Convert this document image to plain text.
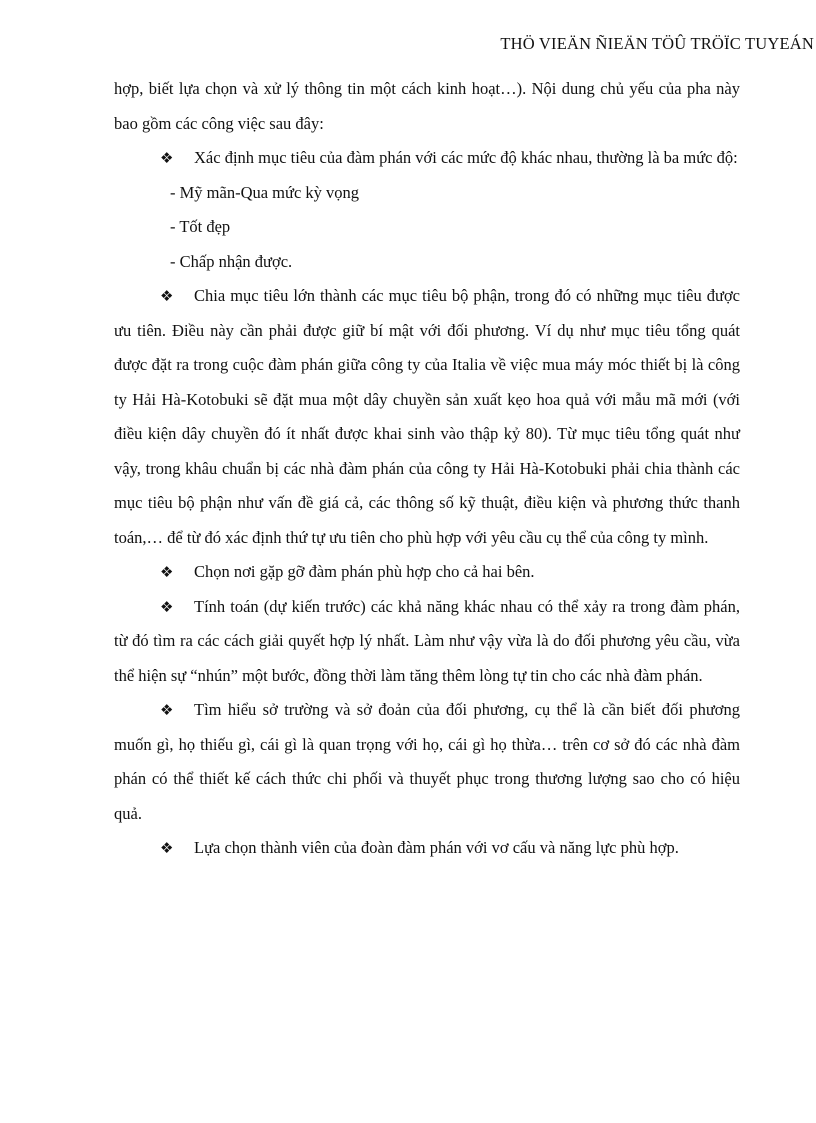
THÖ VIEÄN ÑIEÄN TÖÛ TRÖÏC TUYEÁN

hợp, biết lựa chọn và xử lý thông tin một cách kinh hoạt…). Nội dung chủ yếu của pha này bao gồm các công việc sau đây:

❖ Xác định mục tiêu của đàm phán với các mức độ khác nhau, thường là ba mức độ:

- Mỹ mãn-Qua mức kỳ vọng

- Tốt đẹp

- Chấp nhận được.

❖ Chia mục tiêu lớn thành các mục tiêu bộ phận, trong đó có những mục tiêu được ưu tiên. Điều này cần phải được giữ bí mật với đối phương. Ví dụ như mục tiêu tổng quát được đặt ra trong cuộc đàm phán giữa công ty của Italia về việc mua máy móc thiết bị là công ty Hải Hà-Kotobuki sẽ đặt mua một dây chuyền sản xuất kẹo hoa quả với mẫu mã mới (với điều kiện dây chuyền đó ít nhất được khai sinh vào thập kỷ 80). Từ mục tiêu tổng quát như vậy, trong khâu chuẩn bị các nhà đàm phán của công ty Hải Hà-Kotobuki phải chia thành các mục tiêu bộ phận như vấn đề giá cả, các thông số kỹ thuật, điều kiện và phương thức thanh toán,… để từ đó xác định thứ tự ưu tiên cho phù hợp với yêu cầu cụ thể của công ty mình.

❖ Chọn nơi gặp gỡ đàm phán phù hợp cho cả hai bên.

❖ Tính toán (dự kiến trước) các khả năng khác nhau có thể xảy ra trong đàm phán, từ đó tìm ra các cách giải quyết hợp lý nhất. Làm như vậy vừa là do đối phương yêu cầu, vừa thể hiện sự “nhún” một bước, đồng thời làm tăng thêm lòng tự tin cho các nhà đàm phán.

❖ Tìm hiểu sở trường và sở đoản của đối phương, cụ thể là cần biết đối phương muốn gì, họ thiếu gì, cái gì là quan trọng với họ, cái gì họ thừa… trên cơ sở đó các nhà đàm phán có thể thiết kế cách thức chi phối và thuyết phục trong thương lượng sao cho có hiệu quả.

❖ Lựa chọn thành viên của đoàn đàm phán với vơ cấu và năng lực phù hợp.
